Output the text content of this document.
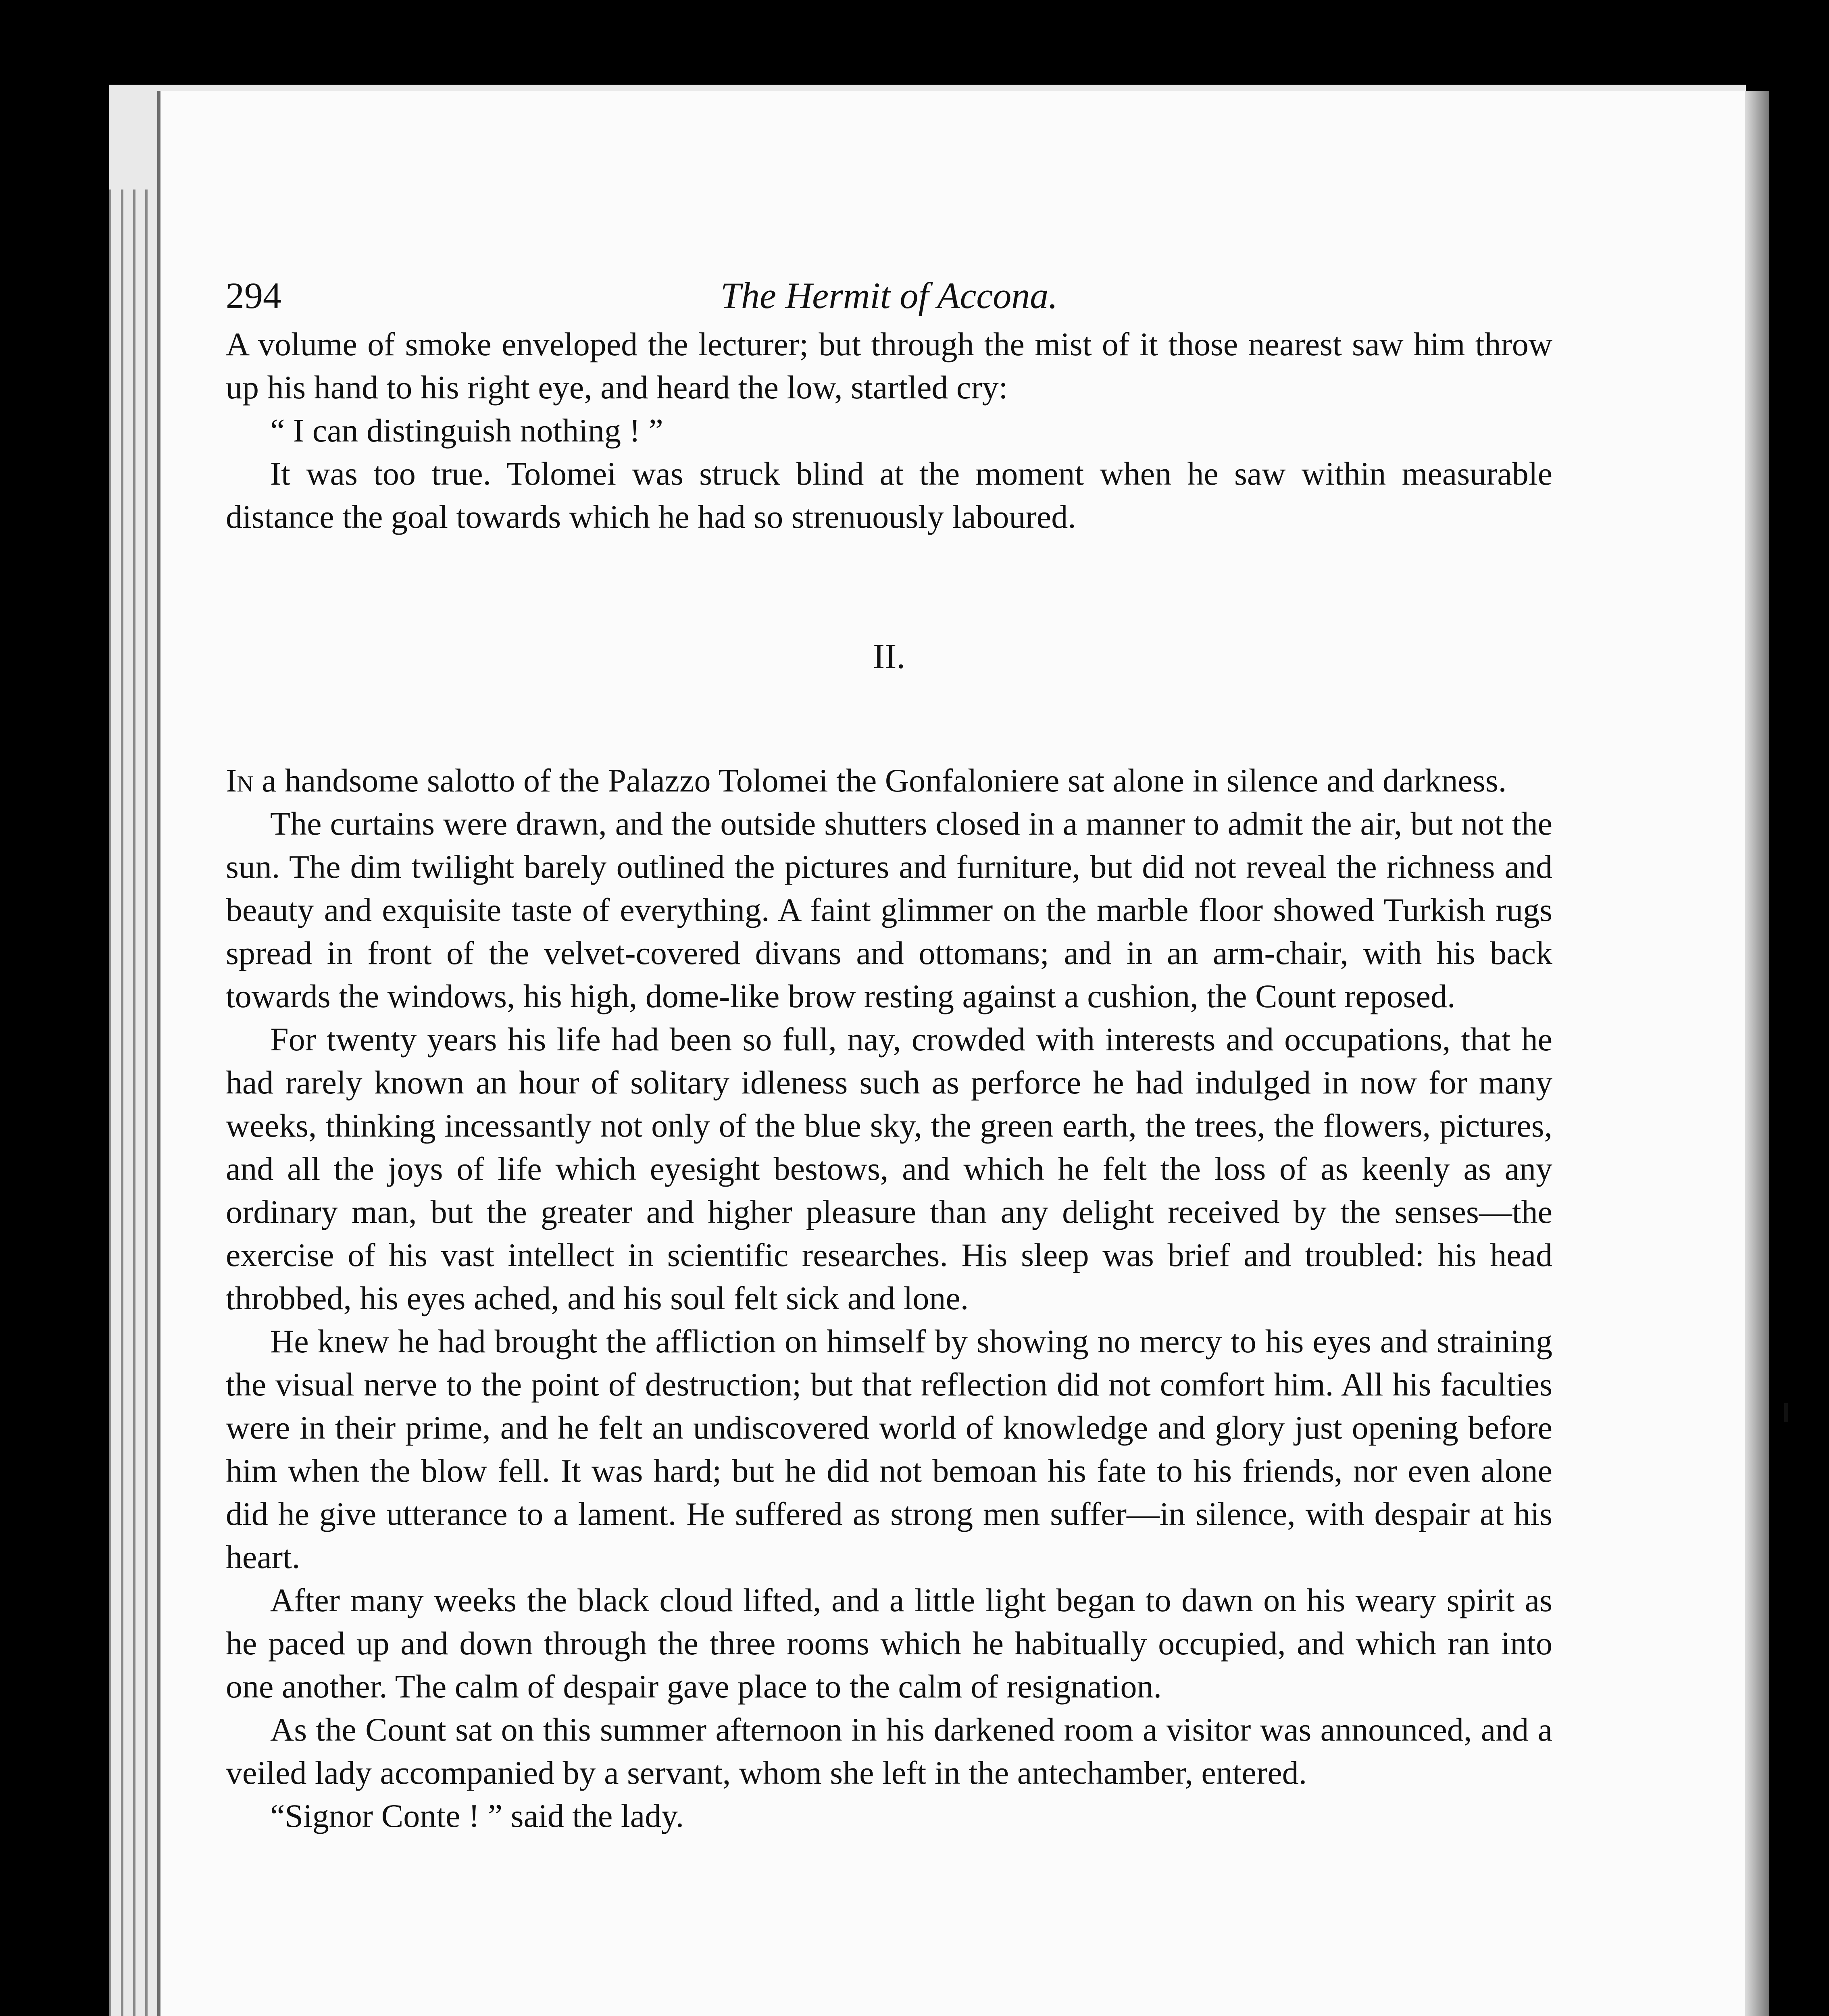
294	The Hermit of Accona.

A volume of smoke enveloped the lecturer; but through the mist of it those nearest saw him throw up his hand to his right eye, and heard the low, startled cry:

“ I can distinguish nothing ! ”

It was too true. Tolomei was struck blind at the moment when he saw within measurable distance the goal towards which he had so strenuously laboured.

II.

In a handsome salotto of the Palazzo Tolomei the Gonfaloniere sat alone in silence and darkness.

The curtains were drawn, and the outside shutters closed in a manner to admit the air, but not the sun. The dim twilight barely outlined the pictures and furniture, but did not reveal the richness and beauty and exquisite taste of everything. A faint glimmer on the marble floor showed Turkish rugs spread in front of the velvet-covered divans and ottomans; and in an arm-chair, with his back towards the windows, his high, dome-like brow resting against a cushion, the Count reposed.

For twenty years his life had been so full, nay, crowded with interests and occupations, that he had rarely known an hour of solitary idleness such as perforce he had indulged in now for many weeks, thinking incessantly not only of the blue sky, the green earth, the trees, the flowers, pictures, and all the joys of life which eyesight bestows, and which he felt the loss of as keenly as any ordinary man, but the greater and higher pleasure than any delight received by the senses—the exercise of his vast intellect in scientific researches. His sleep was brief and troubled: his head throbbed, his eyes ached, and his soul felt sick and lone.

He knew he had brought the affliction on himself by showing no mercy to his eyes and straining the visual nerve to the point of destruction; but that reflection did not comfort him. All his faculties were in their prime, and he felt an undiscovered world of knowledge and glory just opening before him when the blow fell. It was hard; but he did not bemoan his fate to his friends, nor even alone did he give utterance to a lament. He suffered as strong men suffer—in silence, with despair at his heart.

After many weeks the black cloud lifted, and a little light began to dawn on his weary spirit as he paced up and down through the three rooms which he habitually occupied, and which ran into one another. The calm of despair gave place to the calm of resignation.

As the Count sat on this summer afternoon in his darkened room a visitor was announced, and a veiled lady accompanied by a servant, whom she left in the antechamber, entered.

“Signor Conte ! ” said the lady.
